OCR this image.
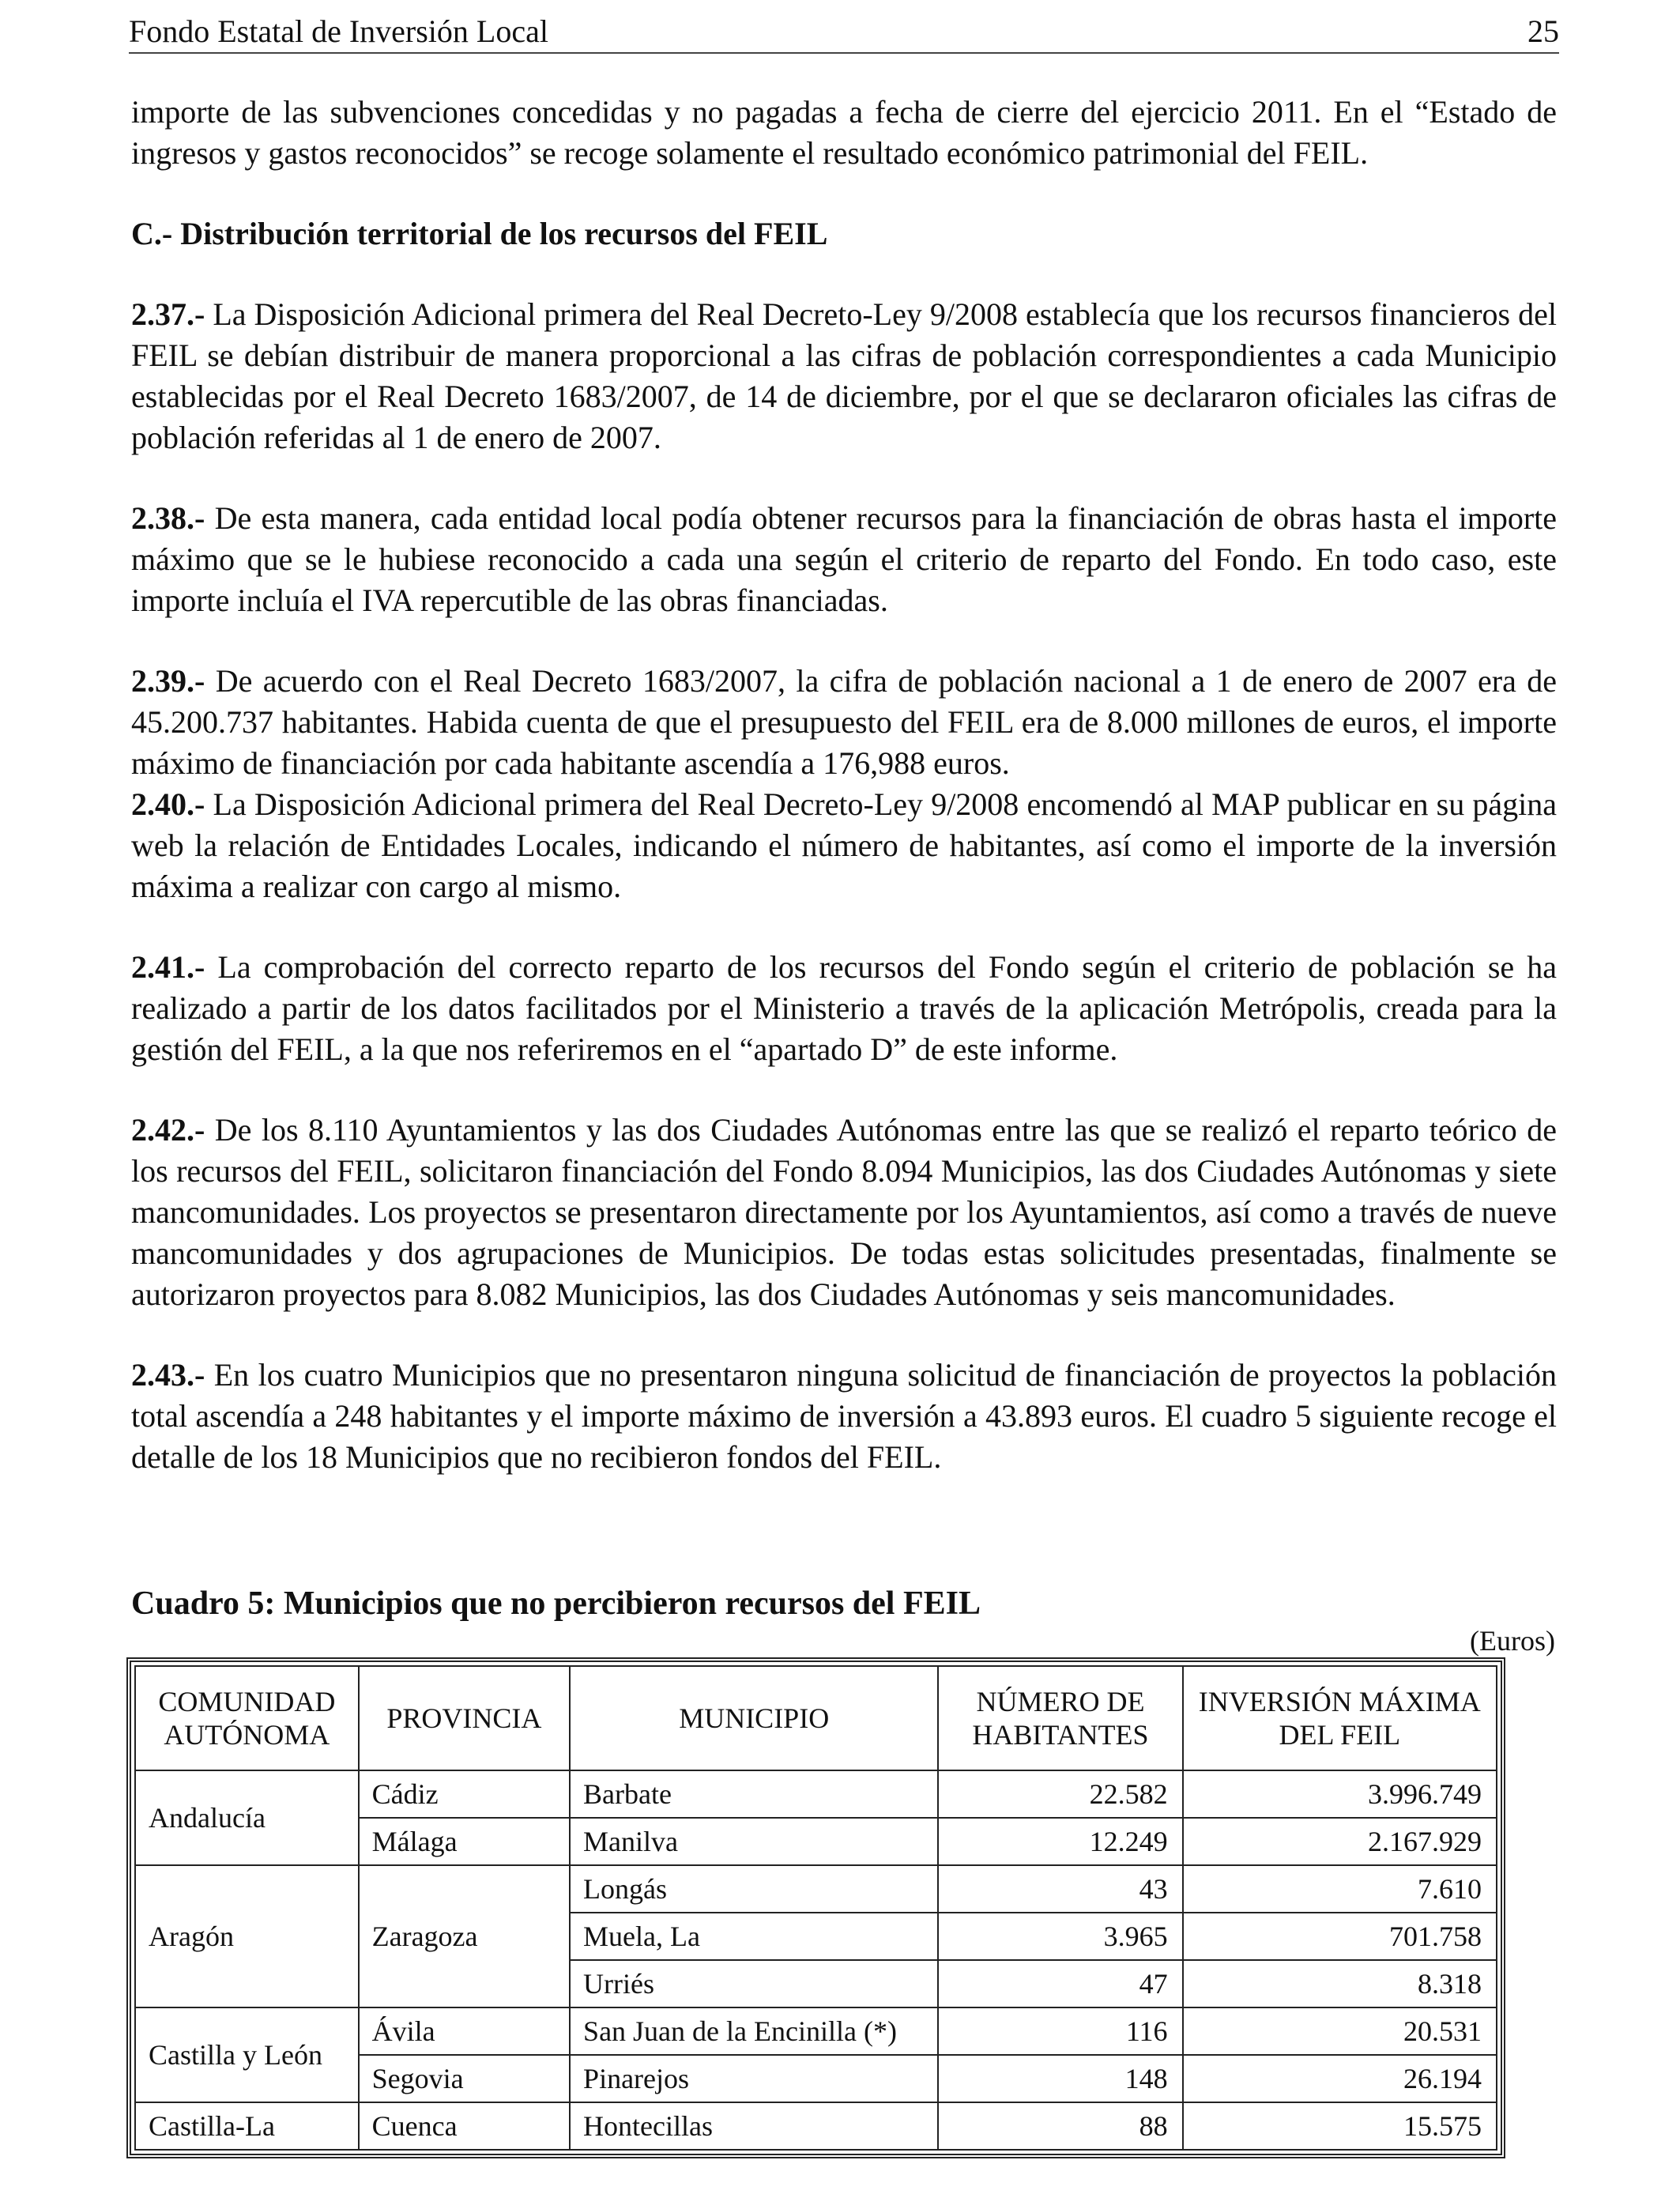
Fondo Estatal de Inversión Local	25

importe de las subvenciones concedidas y no pagadas a fecha de cierre del ejercicio 2011. En el “Estado de ingresos y gastos reconocidos” se recoge solamente el resultado económico patrimonial del FEIL.

C.- Distribución territorial de los recursos del FEIL

2.37.- La Disposición Adicional primera del Real Decreto-Ley 9/2008 establecía que los recursos financieros del FEIL se debían distribuir de manera proporcional a las cifras de población correspondientes a cada Municipio establecidas por el Real Decreto 1683/2007, de 14 de diciembre, por el que se declararon oficiales las cifras de población referidas al 1 de enero de 2007.

2.38.- De esta manera, cada entidad local podía obtener recursos para la financiación de obras hasta el importe máximo que se le hubiese reconocido a cada una según el criterio de reparto del Fondo. En todo caso, este importe incluía el IVA repercutible de las obras financiadas.

2.39.- De acuerdo con el Real Decreto 1683/2007, la cifra de población nacional a 1 de enero de 2007 era de 45.200.737 habitantes. Habida cuenta de que el presupuesto del FEIL era de 8.000 millones de euros, el importe máximo de financiación por cada habitante ascendía a 176,988 euros.

2.40.- La Disposición Adicional primera del Real Decreto-Ley 9/2008 encomendó al MAP publicar en su página web la relación de Entidades Locales, indicando el número de habitantes, así como el importe de la inversión máxima a realizar con cargo al mismo.

2.41.- La comprobación del correcto reparto de los recursos del Fondo según el criterio de población se ha realizado a partir de los datos facilitados por el Ministerio a través de la aplicación Metrópolis, creada para la gestión del FEIL, a la que nos referiremos en el “apartado D” de este informe.

2.42.- De los 8.110 Ayuntamientos y las dos Ciudades Autónomas entre las que se realizó el reparto teórico de los recursos del FEIL, solicitaron financiación del Fondo 8.094 Municipios, las dos Ciudades Autónomas y siete mancomunidades. Los proyectos se presentaron directamente por los Ayuntamientos, así como a través de nueve mancomunidades y dos agrupaciones de Municipios. De todas estas solicitudes presentadas, finalmente se autorizaron proyectos para 8.082 Municipios, las dos Ciudades Autónomas y seis mancomunidades.

2.43.- En los cuatro Municipios que no presentaron ninguna solicitud de financiación de proyectos la población total ascendía a 248 habitantes y el importe máximo de inversión a 43.893 euros. El cuadro 5 siguiente recoge el detalle de los 18 Municipios que no recibieron fondos del FEIL.

Cuadro 5: Municipios que no percibieron recursos del FEIL
(Euros)
COMUNIDAD AUTÓNOMA	PROVINCIA	MUNICIPIO	NÚMERO DE HABITANTES	INVERSIÓN MÁXIMA DEL FEIL
Andalucía	Cádiz	Barbate	22.582	3.996.749
	Málaga	Manilva	12.249	2.167.929
Aragón	Zaragoza	Longás	43	7.610
		Muela, La	3.965	701.758
		Urriés	47	8.318
Castilla y León	Ávila	San Juan de la Encinilla (*)	116	20.531
	Segovia	Pinarejos	148	26.194
Castilla-La	Cuenca	Hontecillas	88	15.575
